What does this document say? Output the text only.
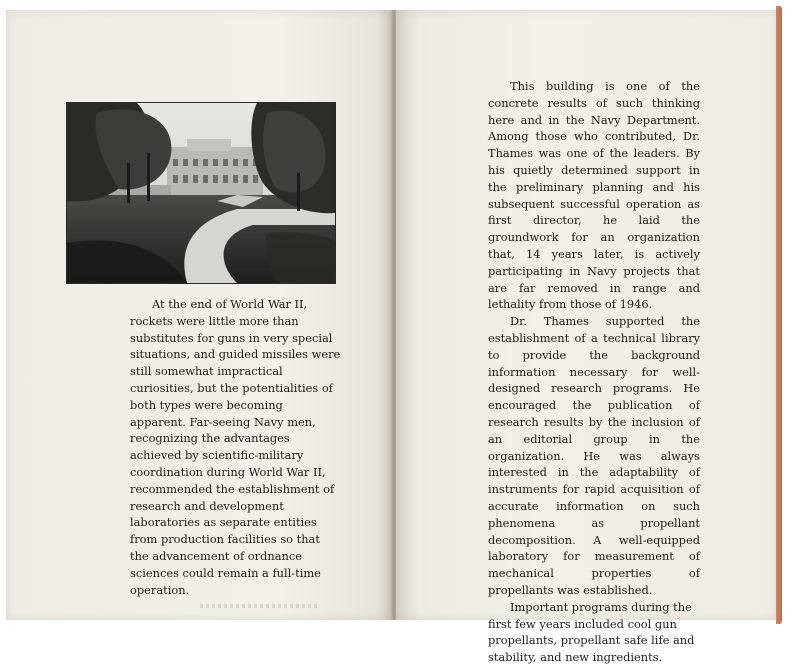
At the end of World War II, rockets were little more than substitutes for guns in very special situations, and guided missiles were still somewhat impractical curiosities, but the potentialities of both types were becoming apparent. Far-seeing Navy men, recognizing the advantages achieved by scientific-military coordination during World War II, recommended the establishment of research and development laboratories as separate entities from production facilities so that the advancement of ordnance sciences could remain a full-time operation.

This building is one of the concrete results of such thinking here and in the Navy Department. Among those who contributed, Dr. Thames was one of the leaders. By his quietly determined support in the preliminary planning and his subsequent successful operation as first director, he laid the groundwork for an organization that, 14 years later, is actively participating in Navy projects that are far removed in range and lethality from those of 1946.

Dr. Thames supported the establishment of a technical library to provide the background information necessary for well-designed research programs. He encouraged the publication of research results by the inclusion of an editorial group in the organization. He was always interested in the adaptability of instruments for rapid acquisition of accurate information on such phenomena as propellant decomposition. A well-equipped laboratory for measurement of mechanical properties of propellants was established.

Important programs during the first few years included cool gun propellants, propellant safe life and stability, and new ingredients.
